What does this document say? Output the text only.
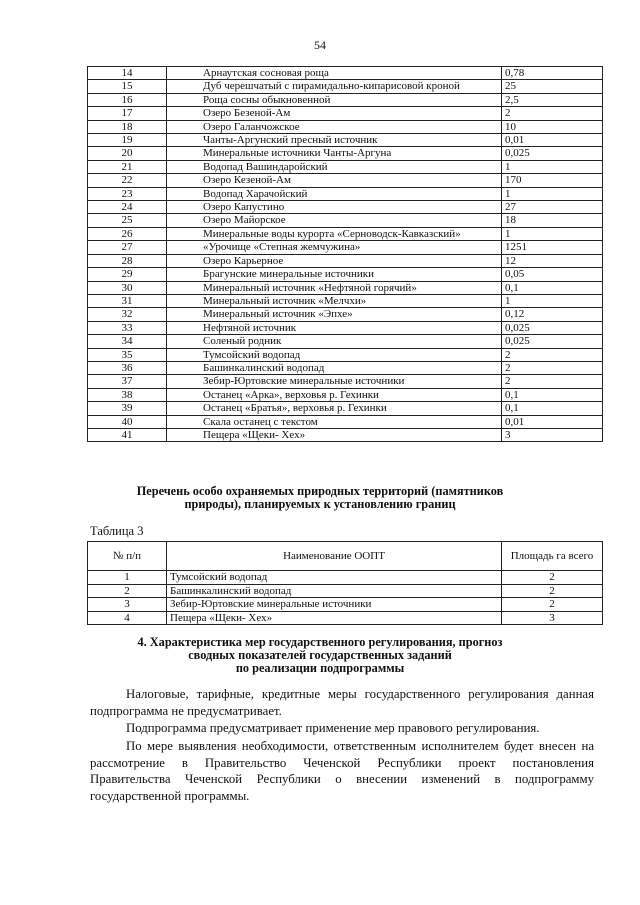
54
14	Арнаутская сосновая роща	0,78
15	Дуб черешчатый с пирамидально-кипарисовой кроной	25
16	Роща сосны обыкновенной	2,5
17	Озеро Безеной-Ам	2
18	Озеро Галанчожское	10
19	Чанты-Аргунский пресный источник	0,01
20	Минеральные источники Чанты-Аргуна	0,025
21	Водопад Вашиндаройский	1
22	Озеро Кезеной-Ам	170
23	Водопад Харачойский	1
24	Озеро Капустино	27
25	Озеро Майорское	18
26	Минеральные воды курорта «Серноводск-Кавказский»	1
27	«Урочище «Степная жемчужина»	1251
28	Озеро Карьерное	12
29	Брагунские минеральные источники	0,05
30	Минеральный источник «Нефтяной горячий»	0,1
31	Минеральный источник «Мелчхи»	1
32	Минеральный источник «Эпхе»	0,12
33	Нефтяной источник	0,025
34	Соленый родник	0,025
35	Тумсойский водопад	2
36	Башинкалинский водопад	2
37	Зебир-Юртовские минеральные источники	2
38	Останец «Арка», верховья р. Гехинки	0,1
39	Останец «Братья», верховья р. Гехинки	0,1
40	Скала останец с текстом	0,01
41	Пещера «Щеки- Хех»	3
Перечень особо охраняемых природных территорий (памятников
природы), планируемых к установлению границ
Таблица 3
№ п/п	Наименование ООПТ	Площадь га всего
1	Тумсойский водопад	2
2	Башинкалинский водопад	2
3	Зебир-Юртовские минеральные источники	2
4	Пещера «Щеки- Хех»	3
4. Характеристика мер государственного регулирования, прогноз
сводных показателей государственных заданий
по реализации подпрограммы

Налоговые, тарифные, кредитные меры государственного регулирования данная подпрограмма не предусматривает.

Подпрограмма предусматривает применение мер правового регулирования.

По мере выявления необходимости, ответственным исполнителем будет внесен на рассмотрение в Правительство Чеченской Республики проект постановления Правительства Чеченской Республики о внесении изменений в подпрограмму государственной программы.
